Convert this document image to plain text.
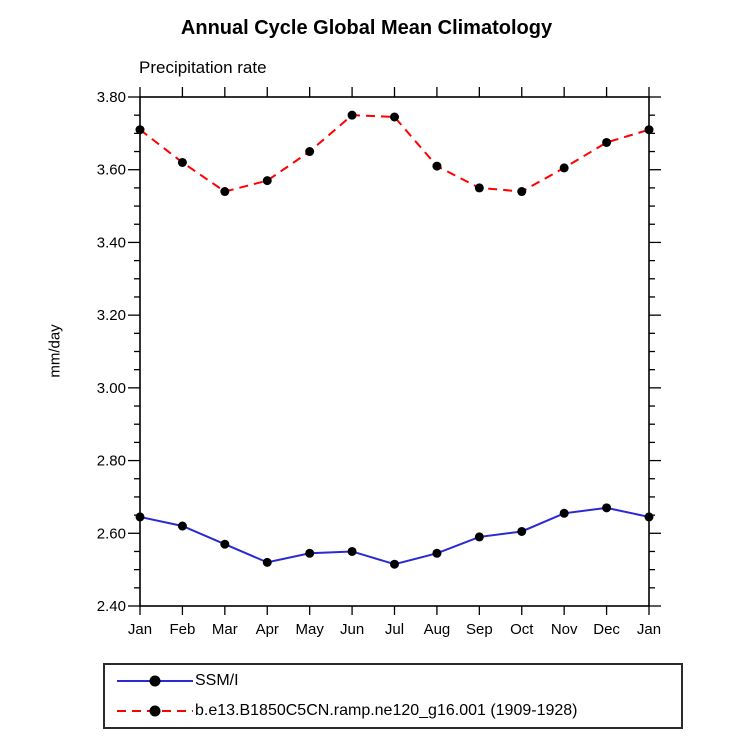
Annual Cycle Global Mean Climatology
Precipitation rate
mm/day
2.40
2.60
2.80
3.00
3.20
3.40
3.60
3.80
Jan Feb Mar Apr May Jun Jul Aug Sep Oct Nov Dec Jan
SSM/I
b.e13.B1850C5CN.ramp.ne120_g16.001 (1909-1928)
